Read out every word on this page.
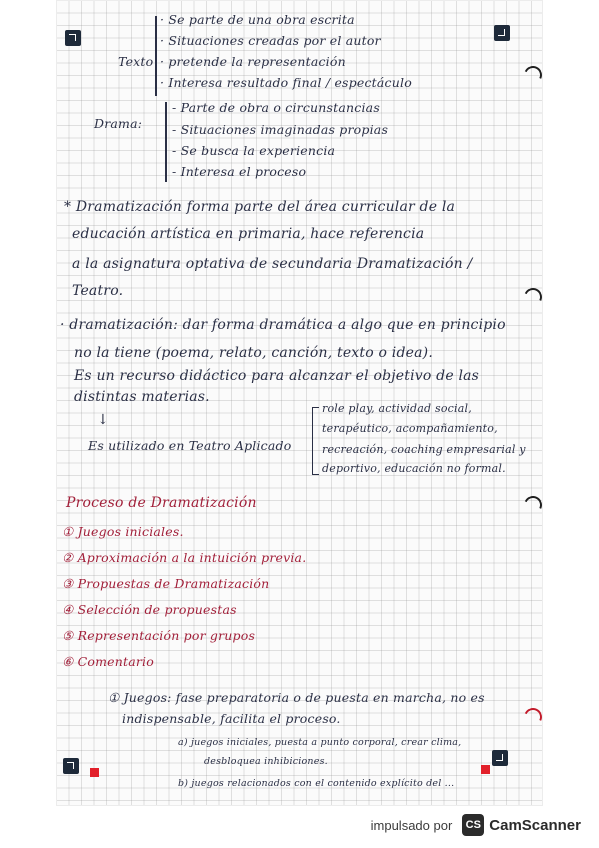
Texto
· Se parte de una obra escrita
· Situaciones creadas por el autor
· pretende la representación
· Interesa resultado final / espectáculo
Drama:
- Parte de obra o circunstancias
- Situaciones imaginadas propias
- Se busca la experiencia
- Interesa el proceso
* Dramatización forma parte del área curricular de la
educación artística en primaria, hace referencia
a la asignatura optativa de secundaria Dramatización /
Teatro.
· dramatización: dar forma dramática a algo que en principio
no la tiene (poema, relato, canción, texto o idea).
Es un recurso didáctico para alcanzar el objetivo de las
distintas materias.
↓
Es utilizado en Teatro Aplicado
role play, actividad social,
terapéutico, acompañamiento,
recreación, coaching empresarial y
deportivo, educación no formal.
Proceso de Dramatización
① Juegos iniciales.
② Aproximación a la intuición previa.
③ Propuestas de Dramatización
④ Selección de propuestas
⑤ Representación por grupos
⑥ Comentario
① Juegos: fase preparatoria o de puesta en marcha, no es
indispensable, facilita el proceso.
a) juegos iniciales, puesta a punto corporal, crear clima,
desbloquea inhibiciones.
b) juegos relacionados con el contenido explícito del ...
impulsado por	CS CamScanner
